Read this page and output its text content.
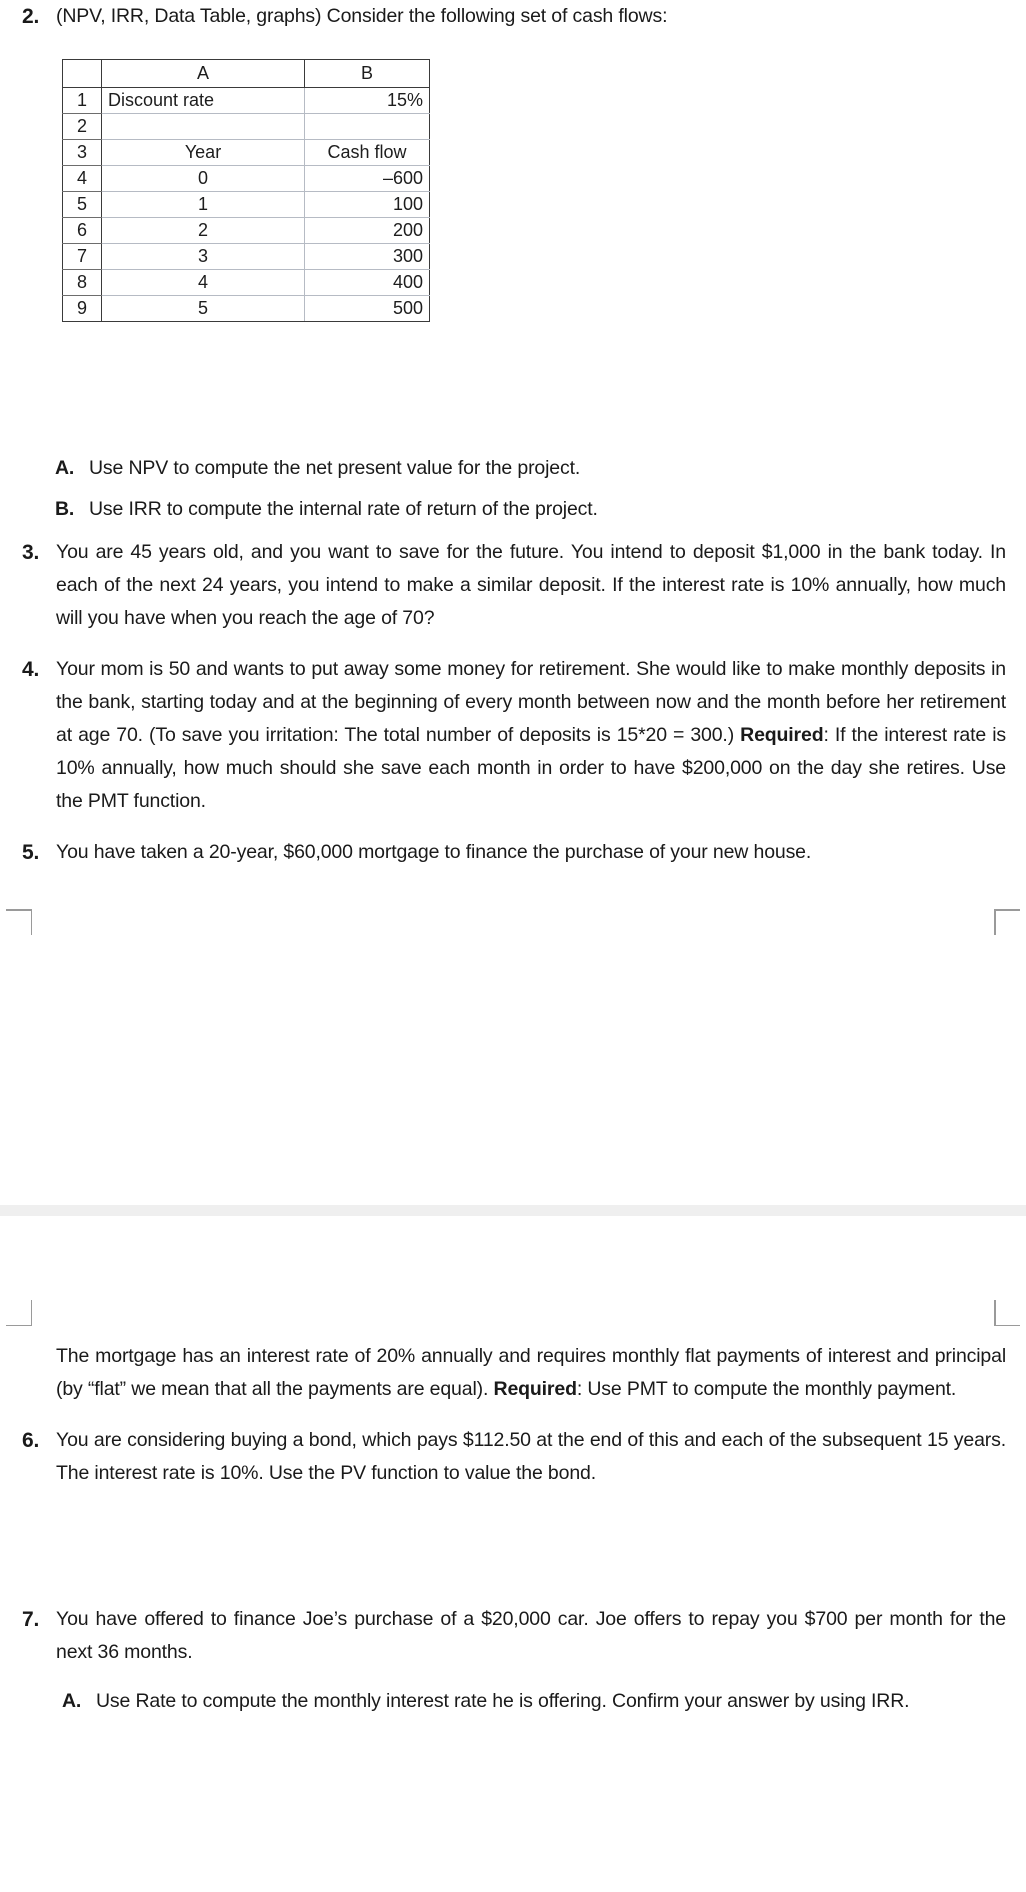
2. (NPV, IRR, Data Table, graphs) Consider the following set of cash flows:
	A	B
1	Discount rate	15%
2		
3	Year	Cash flow
4	0	–600
5	1	100
6	2	200
7	3	300
8	4	400
9	5	500
A. Use NPV to compute the net present value for the project.
B. Use IRR to compute the internal rate of return of the project.
3. You are 45 years old, and you want to save for the future. You intend to deposit $1,000 in the bank today. In each of the next 24 years, you intend to make a similar deposit. If the interest rate is 10% annually, how much will you have when you reach the age of 70?
4. Your mom is 50 and wants to put away some money for retirement. She would like to make monthly deposits in the bank, starting today and at the beginning of every month between now and the month before her retirement at age 70. (To save you irritation: The total number of deposits is 15*20 = 300.) Required: If the interest rate is 10% annually, how much should she save each month in order to have $200,000 on the day she retires. Use the PMT function.
5. You have taken a 20-year, $60,000 mortgage to finance the purchase of your new house.
The mortgage has an interest rate of 20% annually and requires monthly flat payments of interest and principal (by “flat” we mean that all the payments are equal). Required: Use PMT to compute the monthly payment.
6. You are considering buying a bond, which pays $112.50 at the end of this and each of the subsequent 15 years. The interest rate is 10%. Use the PV function to value the bond.
7. You have offered to finance Joe’s purchase of a $20,000 car. Joe offers to repay you $700 per month for the next 36 months.
A. Use Rate to compute the monthly interest rate he is offering. Confirm your answer by using IRR.
